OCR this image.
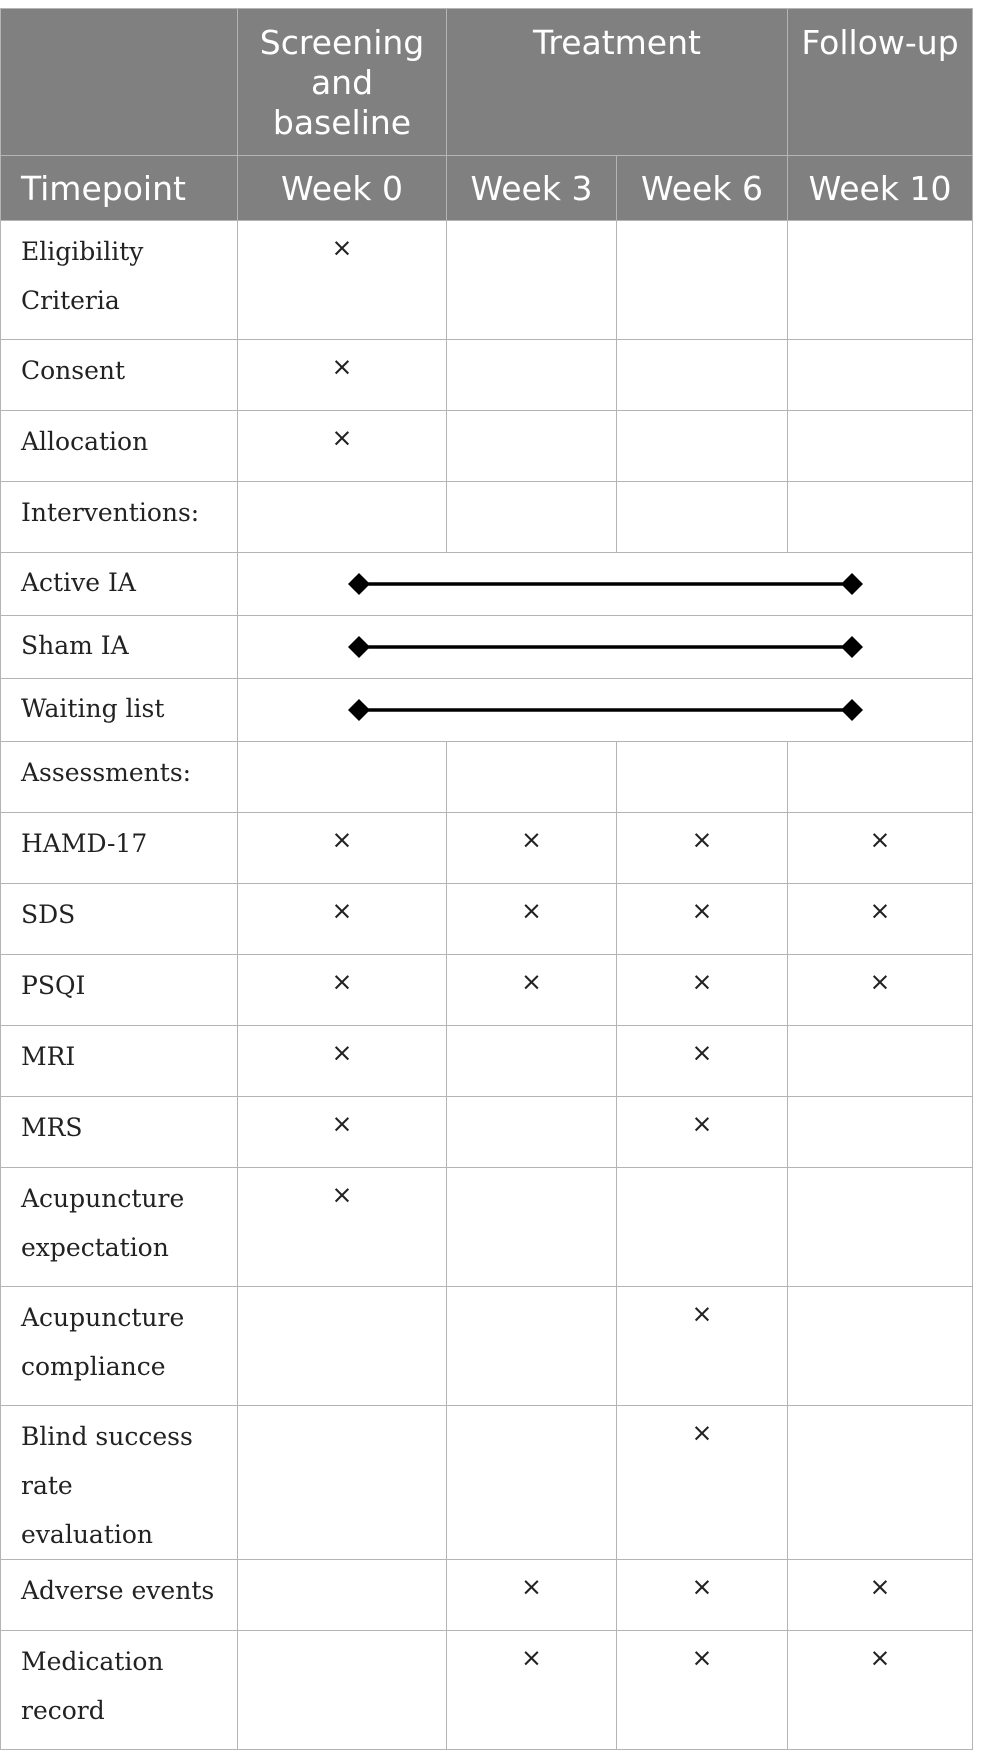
	Screening and baseline	Treatment		Follow-up
Timepoint	Week 0	Week 3	Week 6	Week 10
Eligibility Criteria	×			
Consent	×			
Allocation	×			
Interventions:				
Active IA	

Sham IA	

Waiting list	

Assessments:				
HAMD-17	×	×	×	×
SDS	×	×	×	×
PSQI	×	×	×	×
MRI	×		×	
MRS	×		×	
Acupuncture expectation	×			
Acupuncture compliance			×	
Blind success rate evaluation			×	
Adverse events		×	×	×
Medication record		×	×	×
